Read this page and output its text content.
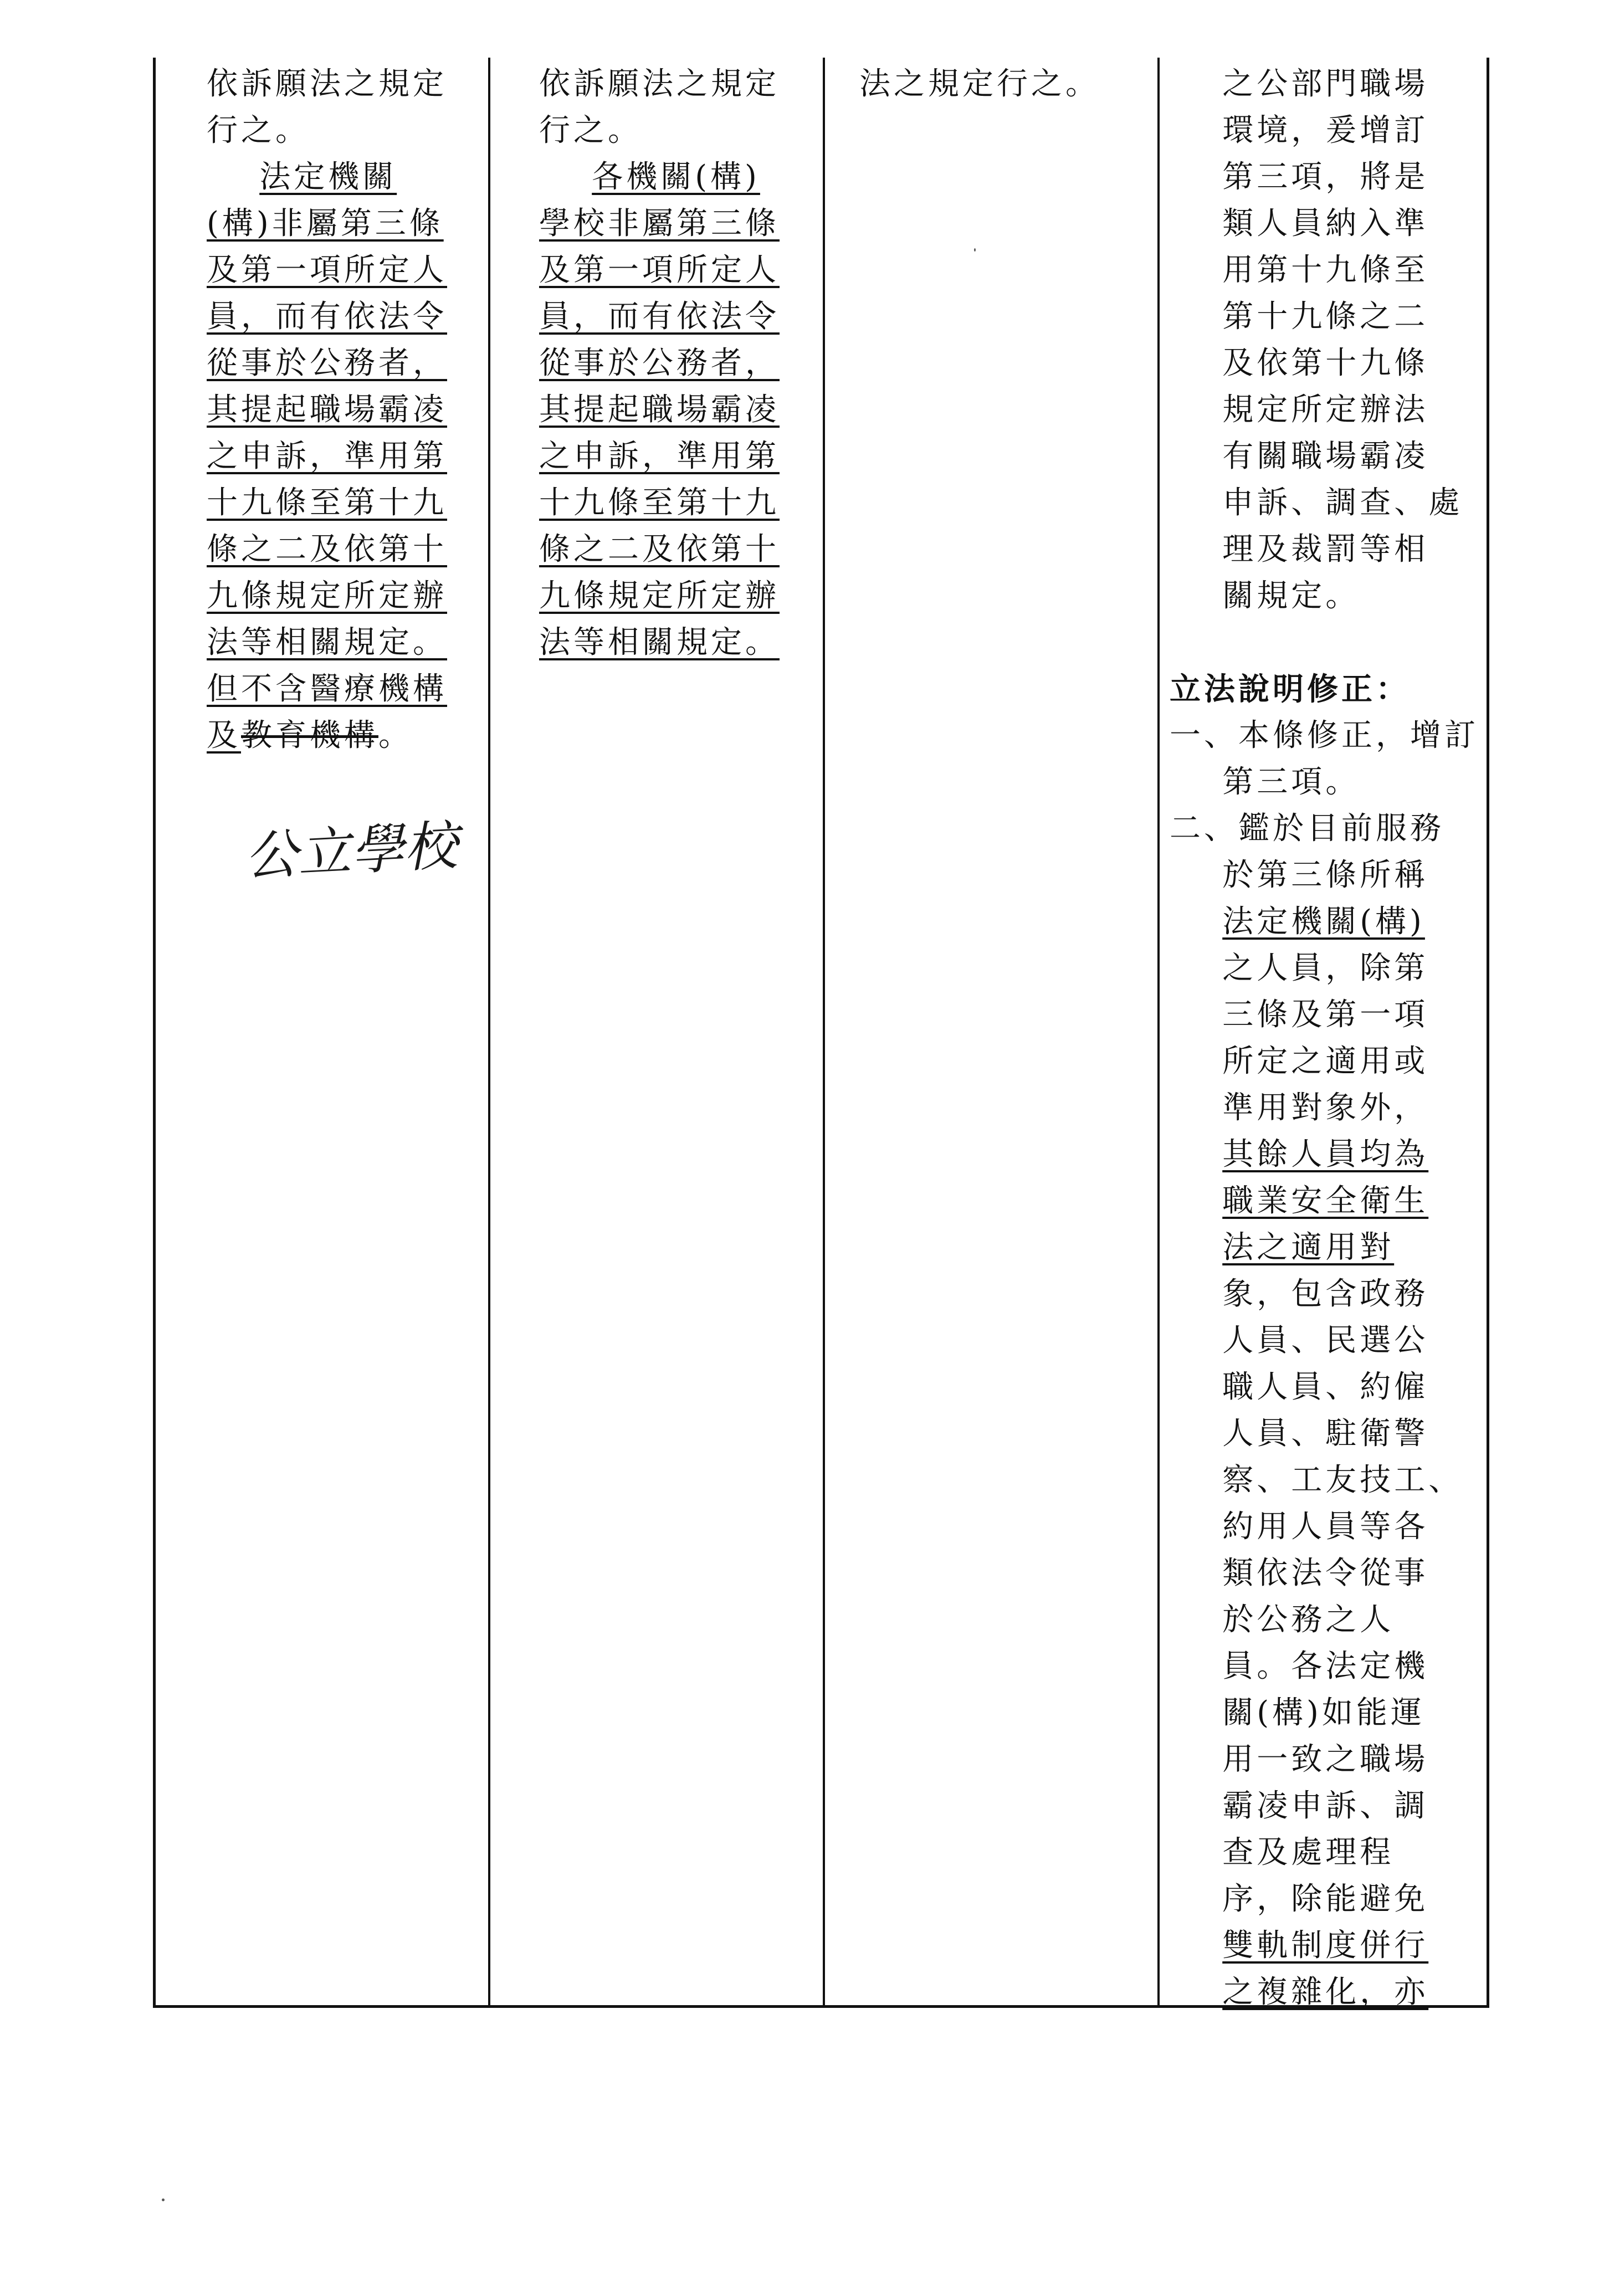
依訴願法之規定
行之。
法定機關
(構)非屬第三條
及第一項所定人
員，而有依法令
從事於公務者，
其提起職場霸凌
之申訴，準用第
十九條至第十九
條之二及依第十
九條規定所定辦
法等相關規定。
但不含醫療機構
及教育機構。
公立學校
依訴願法之規定
行之。
各機關(構)
學校非屬第三條
及第一項所定人
員，而有依法令
從事於公務者，
其提起職場霸凌
之申訴，準用第
十九條至第十九
條之二及依第十
九條規定所定辦
法等相關規定。
法之規定行之。	之公部門職場
環境，爰增訂
第三項，將是
類人員納入準
用第十九條至
第十九條之二
及依第十九條
規定所定辦法
有關職場霸凌
申訴、調查、處
理及裁罰等相
關規定。
立法說明修正：
一、本條修正，增訂
第三項。
二、鑑於目前服務
於第三條所稱
法定機關(構)
之人員，除第
三條及第一項
所定之適用或
準用對象外，
其餘人員均為
職業安全衛生
法之適用對
象，包含政務
人員、民選公
職人員、約僱
人員、駐衛警
察、工友技工、
約用人員等各
類依法令從事
於公務之人
員。各法定機
關(構)如能運
用一致之職場
霸凌申訴、調
查及處理程
序，除能避免
雙軌制度併行
之複雜化，亦
